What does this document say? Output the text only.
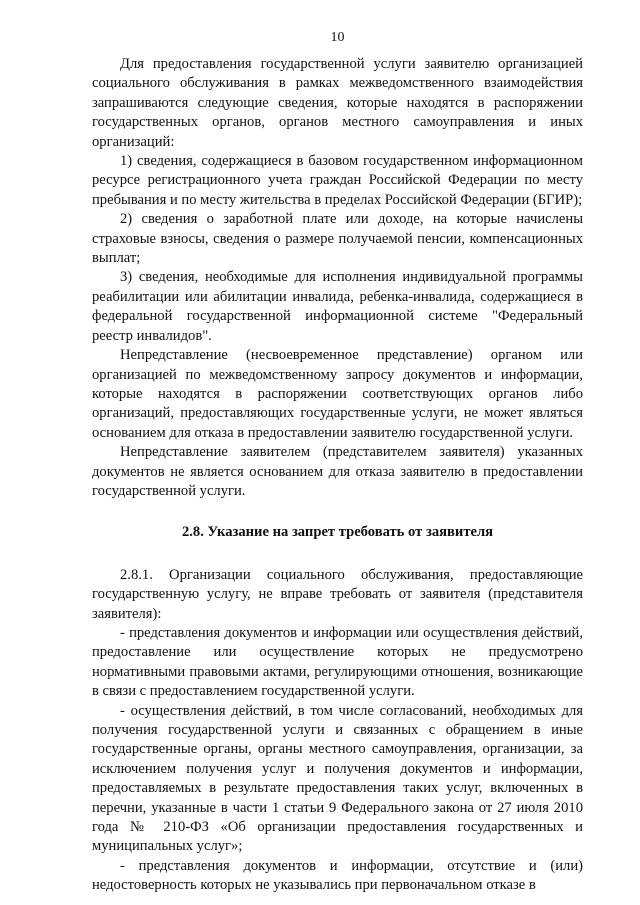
10

Для предоставления государственной услуги заявителю организацией социального обслуживания в рамках межведомственного взаимодействия запрашиваются следующие сведения, которые находятся в распоряжении государственных органов, органов местного самоуправления и иных организаций:

1) сведения, содержащиеся в базовом государственном информационном ресурсе регистрационного учета граждан Российской Федерации по месту пребывания и по месту жительства в пределах Российской Федерации (БГИР);

2) сведения о заработной плате или доходе, на которые начислены страховые взносы, сведения о размере получаемой пенсии, компенсационных выплат;

3) сведения, необходимые для исполнения индивидуальной программы реабилитации или абилитации инвалида, ребенка-инвалида, содержащиеся в федеральной государственной информационной системе "Федеральный реестр инвалидов".

Непредставление (несвоевременное представление) органом или организацией по межведомственному запросу документов и информации, которые находятся в распоряжении соответствующих органов либо организаций, предоставляющих государственные услуги, не может являться основанием для отказа в предоставлении заявителю государственной услуги.

Непредставление заявителем (представителем заявителя) указанных документов не является основанием для отказа заявителю в предоставлении государственной услуги.

2.8. Указание на запрет требовать от заявителя

2.8.1. Организации социального обслуживания, предоставляющие государственную услугу, не вправе требовать от заявителя (представителя заявителя):

- представления документов и информации или осуществления действий, предоставление или осуществление которых не предусмотрено нормативными правовыми актами, регулирующими отношения, возникающие в связи с предоставлением государственной услуги.

- осуществления действий, в том числе согласований, необходимых для получения государственной услуги и связанных с обращением в иные государственные органы, органы местного самоуправления, организации, за исключением получения услуг и получения документов и информации, предоставляемых в результате предоставления таких услуг, включенных в перечни, указанные в части 1 статьи 9 Федерального закона от 27 июля 2010 года № 210-ФЗ «Об организации предоставления государственных и муниципальных услуг»;

- представления документов и информации, отсутствие и (или) недостоверность которых не указывались при первоначальном отказе в
